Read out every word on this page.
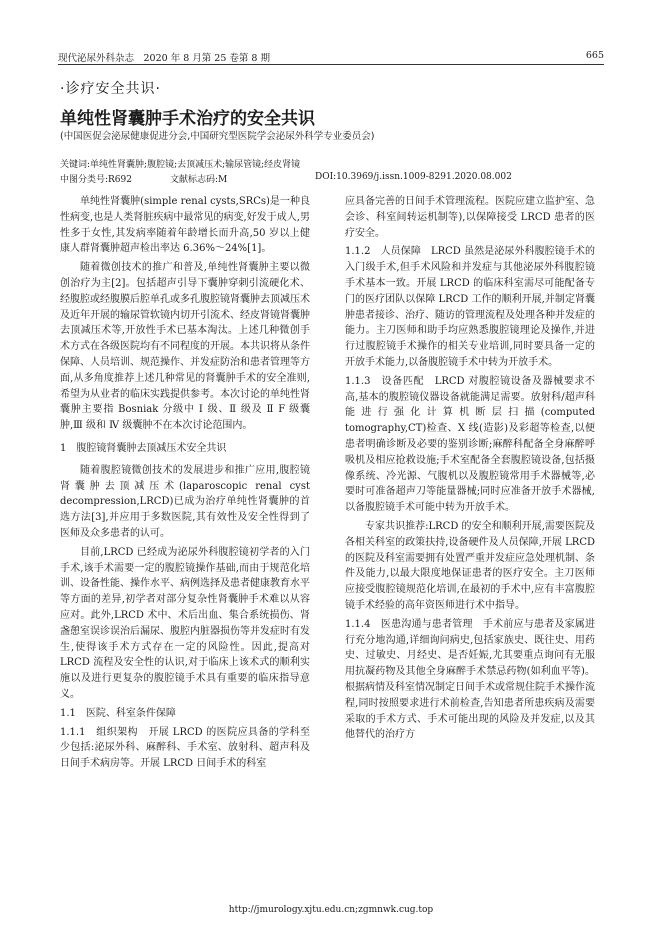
现代泌尿外科杂志　2020 年 8 月第 25 卷第 8 期	665
·诊疗安全共识·
单纯性肾囊肿手术治疗的安全共识
(中国医促会泌尿健康促进分会,中国研究型医院学会泌尿外科学专业委员会)
关键词:单纯性肾囊肿;腹腔镜;去顶减压术;输尿管镜;经皮肾镜
中图分类号:R692	文献标志码:M	DOI:10.3969/j.issn.1009-8291.2020.08.002

单纯性肾囊肿(simple renal cysts,SRCs)是一种良性病变,也是人类肾脏疾病中最常见的病变,好发于成人,男性多于女性,其发病率随着年龄增长而升高,50 岁以上健康人群肾囊肿超声检出率达 6.36%～24%[1]。

随着微创技术的推广和普及,单纯性肾囊肿主要以微创治疗为主[2]。包括超声引导下囊肿穿刺引流硬化术、经腹腔或经腹膜后腔单孔或多孔腹腔镜肾囊肿去顶减压术及近年开展的输尿管软镜内切开引流术、经皮肾镜肾囊肿去顶减压术等,开放性手术已基本淘汰。上述几种微创手术方式在各级医院均有不同程度的开展。本共识将从条件保障、人员培训、规范操作、并发症防治和患者管理等方面,从多角度推荐上述几种常见的肾囊肿手术的安全准则,希望为从业者的临床实践提供参考。本次讨论的单纯性肾囊肿主要指 Bosniak 分级中 Ⅰ 级、Ⅱ 级及 Ⅱ F 级囊肿,Ⅲ 级和 Ⅳ 级囊肿不在本次讨论范围内。

1　腹腔镜肾囊肿去顶减压术安全共识

随着腹腔镜微创技术的发展进步和推广应用,腹腔镜肾囊肿去顶减压术(laparoscopic renal cyst decompression,LRCD)已成为治疗单纯性肾囊肿的首选方法[3],并应用于多数医院,其有效性及安全性得到了医师及众多患者的认可。

目前,LRCD 已经成为泌尿外科腹腔镜初学者的入门手术,该手术需要一定的腹腔镜操作基础,而由于规范化培训、设备性能、操作水平、病例选择及患者健康教育水平等方面的差异,初学者对部分复杂性肾囊肿手术难以从容应对。此外,LRCD 术中、术后出血、集合系统损伤、肾盏憩室误诊误治后漏尿、腹腔内脏器损伤等并发症时有发生,使得该手术方式存在一定的风险性。因此,提高对 LRCD 流程及安全性的认识,对于临床上该术式的顺利实施以及进行更复杂的腹腔镜手术具有重要的临床指导意义。

1.1　医院、科室条件保障

1.1.1　组织架构　开展 LRCD 的医院应具备的学科至少包括:泌尿外科、麻醉科、手术室、放射科、超声科及日间手术病房等。开展 LRCD 日间手术的科室

应具备完善的日间手术管理流程。医院应建立监护室、急会诊、科室间转运机制等),以保障接受 LRCD 患者的医疗安全。

1.1.2　人员保障　LRCD 虽然是泌尿外科腹腔镜手术的入门级手术,但手术风险和并发症与其他泌尿外科腹腔镜手术基本一致。开展 LRCD 的临床科室需尽可能配备专门的医疗团队以保障 LRCD 工作的顺利开展,并制定肾囊肿患者接诊、治疗、随访的管理流程及处理各种并发症的能力。主刀医师和助手均应熟悉腹腔镜理论及操作,并进行过腹腔镜手术操作的相关专业培训,同时要具备一定的开放手术能力,以备腹腔镜手术中转为开放手术。

1.1.3　设备匹配　LRCD 对腹腔镜设备及器械要求不高,基本的腹腔镜仪器设备就能满足需要。放射科/超声科能进行强化计算机断层扫描(computed tomography,CT)检查、X 线(造影)及彩超等检查,以便患者明确诊断及必要的鉴别诊断;麻醉科配备全身麻醉呼吸机及相应抢救设施;手术室配备全套腹腔镜设备,包括摄像系统、冷光源、气腹机以及腹腔镜常用手术器械等,必要时可准备超声刀等能量器械;同时应准备开放手术器械,以备腹腔镜手术可能中转为开放手术。

专家共识推荐:LRCD 的安全和顺利开展,需要医院及各相关科室的政策扶持,设备硬件及人员保障,开展 LRCD 的医院及科室需要拥有处置严重并发症应急处理机制、条件及能力,以最大限度地保证患者的医疗安全。主刀医师应接受腹腔镜规范化培训,在最初的手术中,应有丰富腹腔镜手术经验的高年资医师进行术中指导。

1.1.4　医患沟通与患者管理　手术前应与患者及家属进行充分地沟通,详细询问病史,包括家族史、既往史、用药史、过敏史、月经史、是否妊娠,尤其要重点询问有无服用抗凝药物及其他全身麻醉手术禁忌药物(如利血平等)。根据病情及科室情况制定日间手术或常规住院手术操作流程,同时按照要求进行术前检查,告知患者所患疾病及需要采取的手术方式、手术可能出现的风险及并发症,以及其他替代的治疗方

http://jmurology.xjtu.edu.cn;zgmnwk.cug.top
